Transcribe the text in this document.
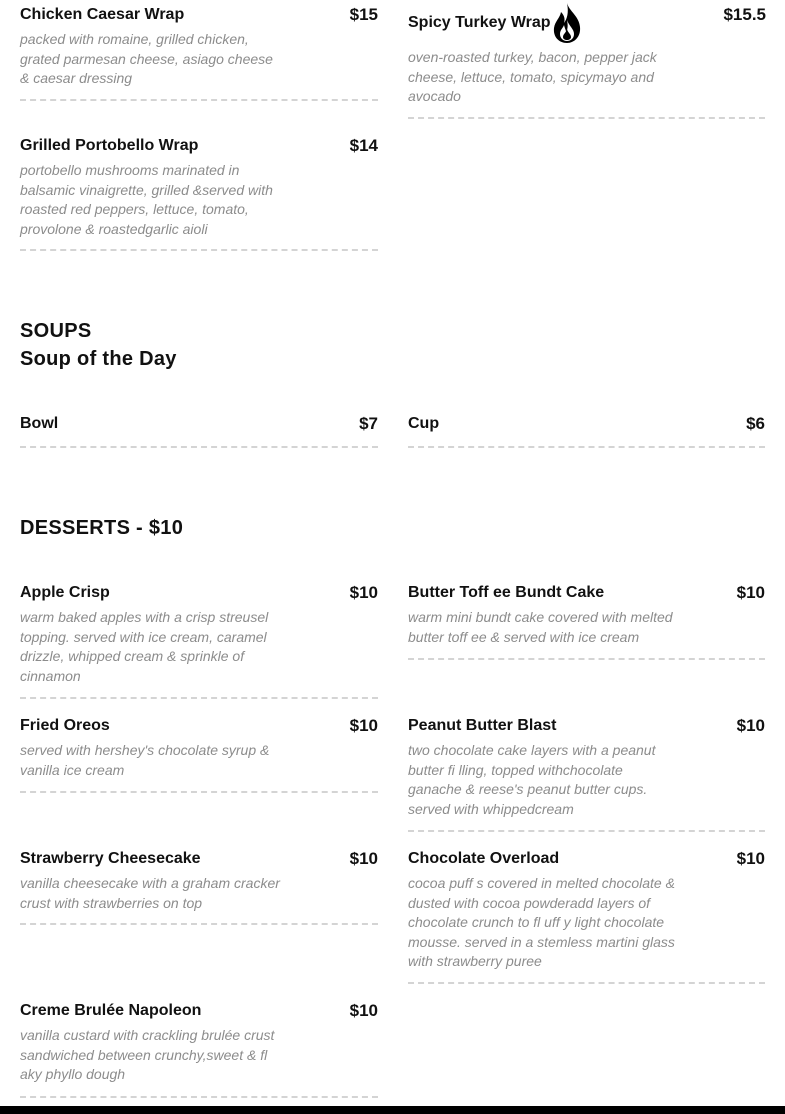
Chicken Caesar Wrap	$15
packed with romaine, grilled chicken, grated parmesan cheese, asiago cheese & caesar dressing
Spicy Turkey Wrap	$15.5
oven-roasted turkey, bacon, pepper jack cheese, lettuce, tomato, spicymayo and avocado
Grilled Portobello Wrap	$14
portobello mushrooms marinated in balsamic vinaigrette, grilled &served with roasted red peppers, lettuce, tomato, provolone & roastedgarlic aioli
SOUPS
Soup of the Day
Bowl	$7 Cup	$6
DESSERTS - $10
Apple Crisp	$10
warm baked apples with a crisp streusel topping. served with ice cream, caramel drizzle, whipped cream & sprinkle of cinnamon
Butter Toff ee Bundt Cake	$10
warm mini bundt cake covered with melted butter toff ee & served with ice cream
Fried Oreos	$10
served with hershey's chocolate syrup & vanilla ice cream
Peanut Butter Blast	$10
two chocolate cake layers with a peanut butter fi lling, topped withchocolate ganache & reese's peanut butter cups. served with whippedcream
Strawberry Cheesecake	$10
vanilla cheesecake with a graham cracker crust with strawberries on top
Chocolate Overload	$10
cocoa puff s covered in melted chocolate & dusted with cocoa powderadd layers of chocolate crunch to fl uff y light chocolate mousse. served in a stemless martini glass with strawberry puree
Creme Brulée Napoleon	$10
vanilla custard with crackling brulée crust sandwiched between crunchy,sweet & fl aky phyllo dough
